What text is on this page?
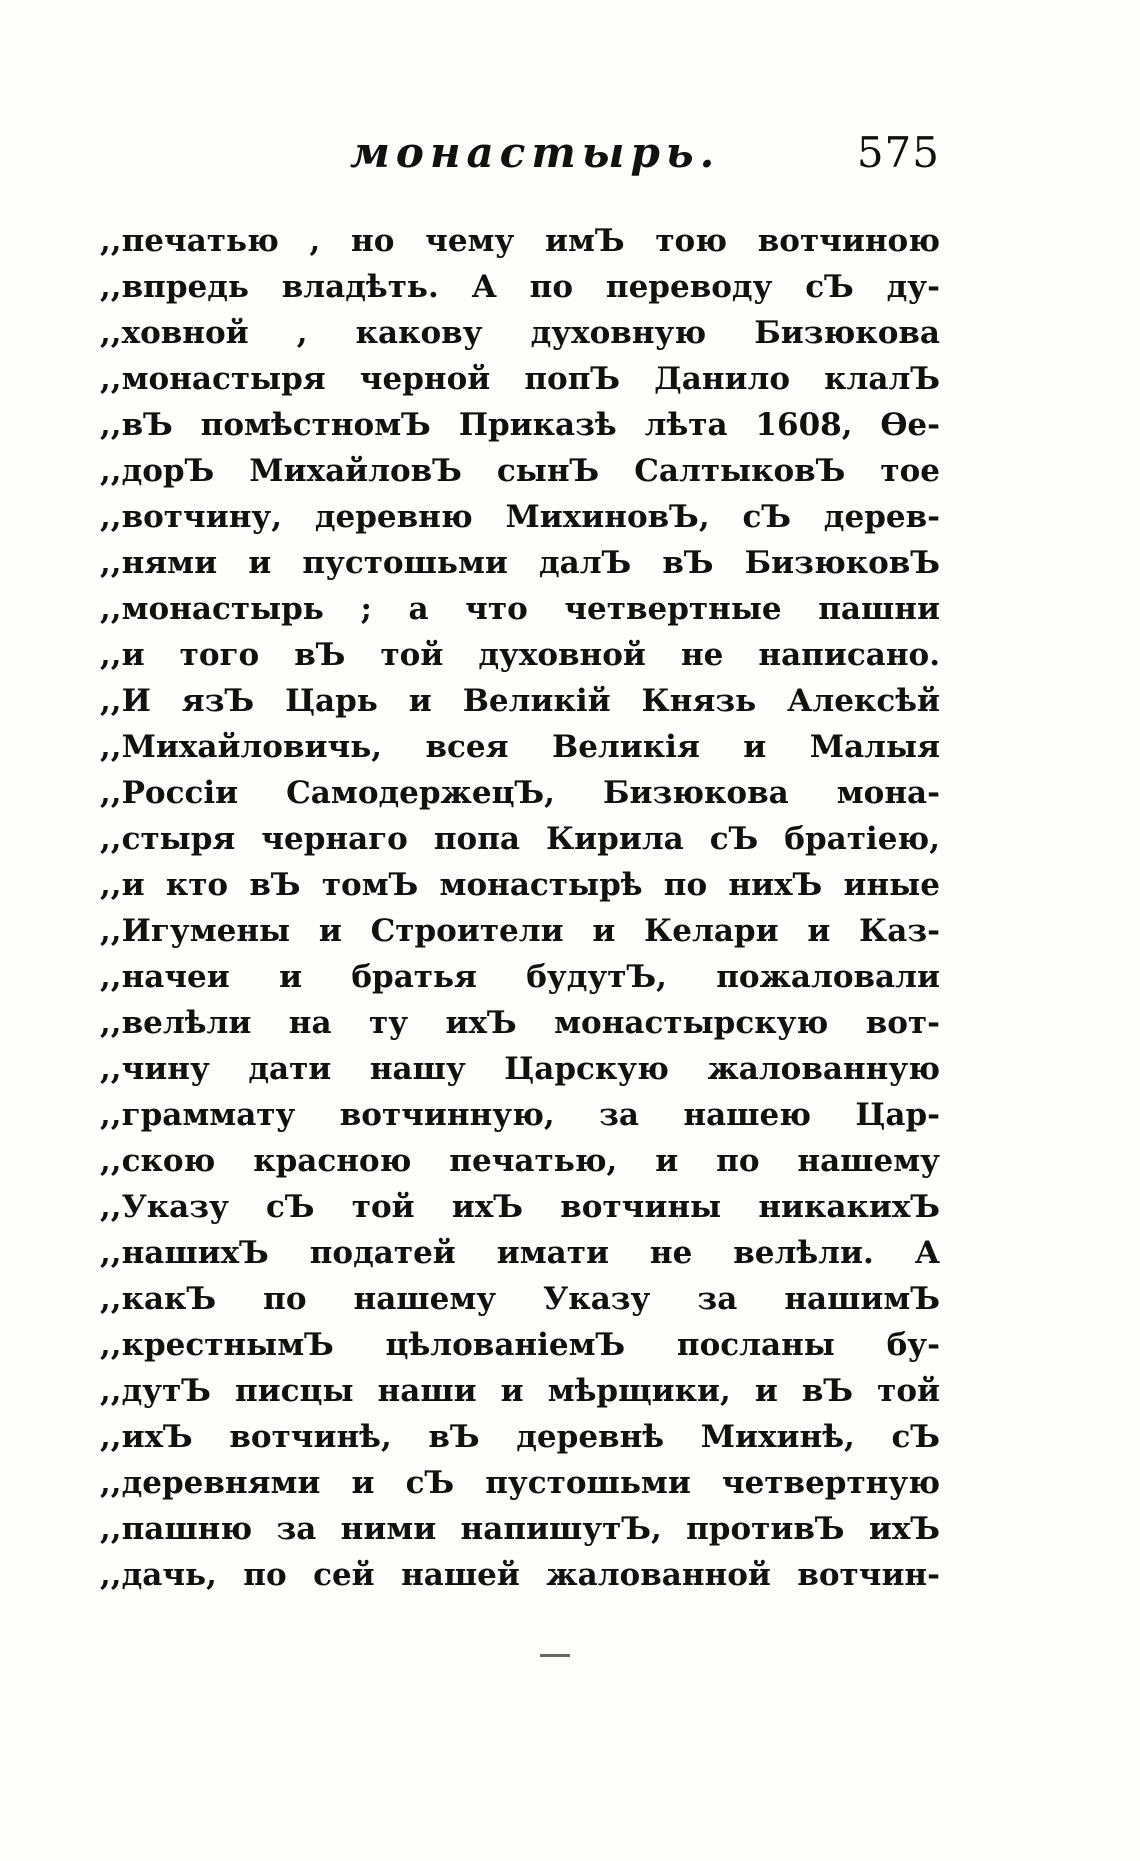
монастырь.	575
,,печатью , но чему имЪ тою вотчиною
,,впредь владѣть. А по переводу сЪ ду-
,,ховной , какову духовную Бизюкова
,,монастыря черной попЪ Данило клалЪ
,,вЪ помѣстномЪ Приказѣ лѣта 1608, Ѳе-
,,дорЪ МихайловЪ сынЪ СалтыковЪ тое
,,вотчину, деревню МихиновЪ, сЪ дерев-
,,нями и пустошьми далЪ вЪ БизюковЪ
,,монастырь ; а что четвертные пашни
,,и того вЪ той духовной не написано.
,,И язЪ Царь и Великій Князь Алексѣй
,,Михайловичь, всея Великія и Малыя
,,Россіи СамодержецЪ, Бизюкова мона-
,,стыря чернаго попа Кирила сЪ братіею,
,,и кто вЪ томЪ монастырѣ по нихЪ иные
,,Игумены и Строители и Келари и Каз-
,,начеи и братья будутЪ, пожаловали
,,велѣли на ту ихЪ монастырскую вот-
,,чину дати нашу Царскую жалованную
,,граммату вотчинную, за нашею Цар-
,,скою красною печатью, и по нашему
,,Указу сЪ той ихЪ вотчины никакихЪ
,,нашихЪ податей имати не велѣли. А
,,какЪ по нашему Указу за нашимЪ
,,крестнымЪ цѣлованіемЪ посланы бу-
,,дутЪ писцы наши и мѣрщики, и вЪ той
,,ихЪ вотчинѣ, вЪ деревнѣ Михинѣ, сЪ
,,деревнями и сЪ пустошьми четвертную
,,пашню за ними напишутЪ, противЪ ихЪ
,,дачь, по сей нашей жалованной вотчин-
